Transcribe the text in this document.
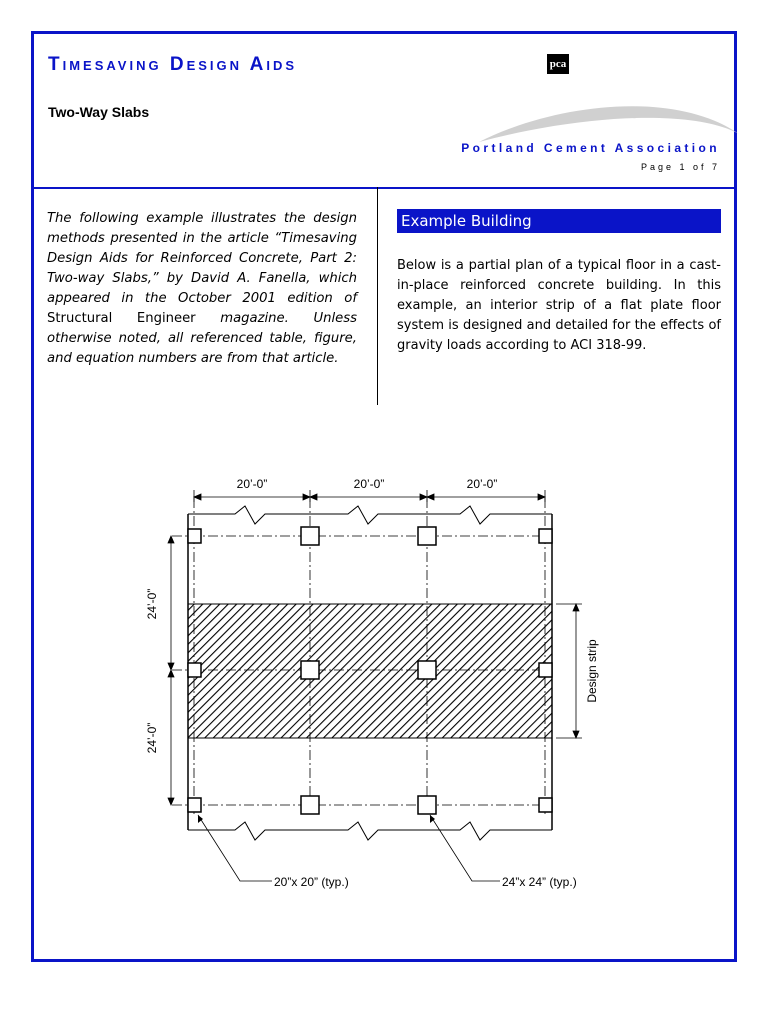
Timesaving Design Aids
Two-Way Slabs
pca
Portland Cement Association
Page 1 of 7
The following example illustrates the design methods presented in the article “Timesaving Design Aids for Reinforced Concrete, Part 2: Two-way Slabs,” by David A. Fanella, which appeared in the October 2001 edition of Structural Engineer magazine. Unless otherwise noted, all referenced table, figure, and equation numbers are from that article.
Example Building
Below is a partial plan of a typical floor in a cast-in-place reinforced concrete building. In this example, an interior strip of a flat plate floor system is designed and detailed for the effects of gravity loads according to ACI 318-99.
20’-0”	20’-0”	20’-0”
24’-0”
24’-0”
Design strip
20”x 20” (typ.)	24”x 24” (typ.)
